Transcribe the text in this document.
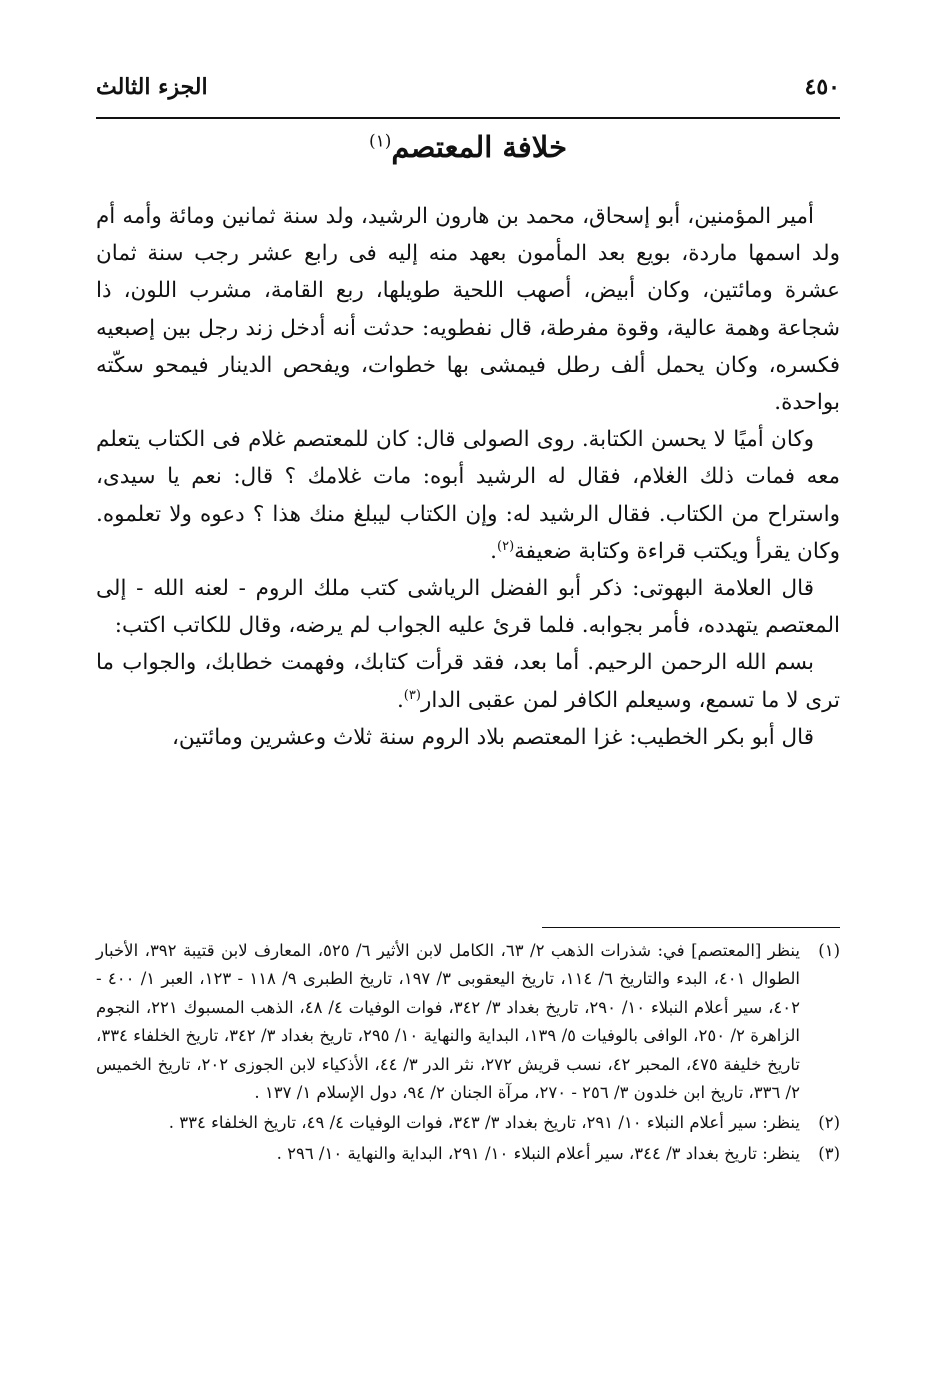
٤٥٠
الجزء الثالث
خلافة المعتصم$^{(١)}$

أمير المؤمنين، أبو إسحاق، محمد بن هارون الرشيد، ولد سنة ثمانين ومائة وأمه أم ولد اسمها ماردة، بويع بعد المأمون بعهد منه إليه فى رابع عشر رجب سنة ثمان عشرة ومائتين، وكان أبيض، أصهب اللحية طويلها، ربع القامة، مشرب اللون، ذا شجاعة وهمة عالية، وقوة مفرطة، قال نفطويه: حدثت أنه أدخل زند رجل بين إصبعيه فكسره، وكان يحمل ألف رطل فيمشى بها خطوات، ويفحص الدينار فيمحو سكّته بواحدة.

وكان أميًا لا يحسن الكتابة. روى الصولى قال: كان للمعتصم غلام فى الكتاب يتعلم معه فمات ذلك الغلام، فقال له الرشيد أبوه: مات غلامك ؟ قال: نعم يا سيدى، واستراح من الكتاب. فقال الرشيد له: وإن الكتاب ليبلغ منك هذا ؟ دعوه ولا تعلموه. وكان يقرأ ويكتب قراءة وكتابة ضعيفة$^{(٢)}$.

قال العلامة البهوتى: ذكر أبو الفضل الرياشى كتب ملك الروم - لعنه الله - إلى المعتصم يتهدده، فأمر بجوابه. فلما قرئ عليه الجواب لم يرضه، وقال للكاتب اكتب:

بسم الله الرحمن الرحيم. أما بعد، فقد قرأت كتابك، وفهمت خطابك، والجواب ما ترى لا ما تسمع، وسيعلم الكافر لمن عقبى الدار$^{(٣)}$.

قال أبو بكر الخطيب: غزا المعتصم بلاد الروم سنة ثلاث وعشرين ومائتين،

(١)
ينظر [المعتصم] في: شذرات الذهب ٢/ ٦٣، الكامل لابن الأثير ٦/ ٥٢٥، المعارف لابن قتيبة ٣٩٢، الأخبار الطوال ٤٠١، البدء والتاريخ ٦/ ١١٤، تاريخ اليعقوبى ٣/ ١٩٧، تاريخ الطبرى ٩/ ١١٨ - ١٢٣، العبر ١/ ٤٠٠ - ٤٠٢، سير أعلام النبلاء ١٠/ ٢٩٠، تاريخ بغداد ٣/ ٣٤٢، فوات الوفيات ٤/ ٤٨، الذهب المسبوك ٢٢١، النجوم الزاهرة ٢/ ٢٥٠، الوافى بالوفيات ٥/ ١٣٩، البداية والنهاية ١٠/ ٢٩٥، تاريخ بغداد ٣/ ٣٤٢، تاريخ الخلفاء ٣٣٤، تاريخ خليفة ٤٧٥، المحبر ٤٢، نسب قريش ٢٧٢، نثر الدر ٣/ ٤٤، الأذكياء لابن الجوزى ٢٠٢، تاريخ الخميس ٢/ ٣٣٦، تاريخ ابن خلدون ٣/ ٢٥٦ - ٢٧٠، مرآة الجنان ٢/ ٩٤، دول الإسلام ١/ ١٣٧ .
(٢)
ينظر: سير أعلام النبلاء ١٠/ ٢٩١، تاريخ بغداد ٣/ ٣٤٣، فوات الوفيات ٤/ ٤٩، تاريخ الخلفاء ٣٣٤ .
(٣)
ينظر: تاريخ بغداد ٣/ ٣٤٤، سير أعلام النبلاء ١٠/ ٢٩١، البداية والنهاية ١٠/ ٢٩٦ .
